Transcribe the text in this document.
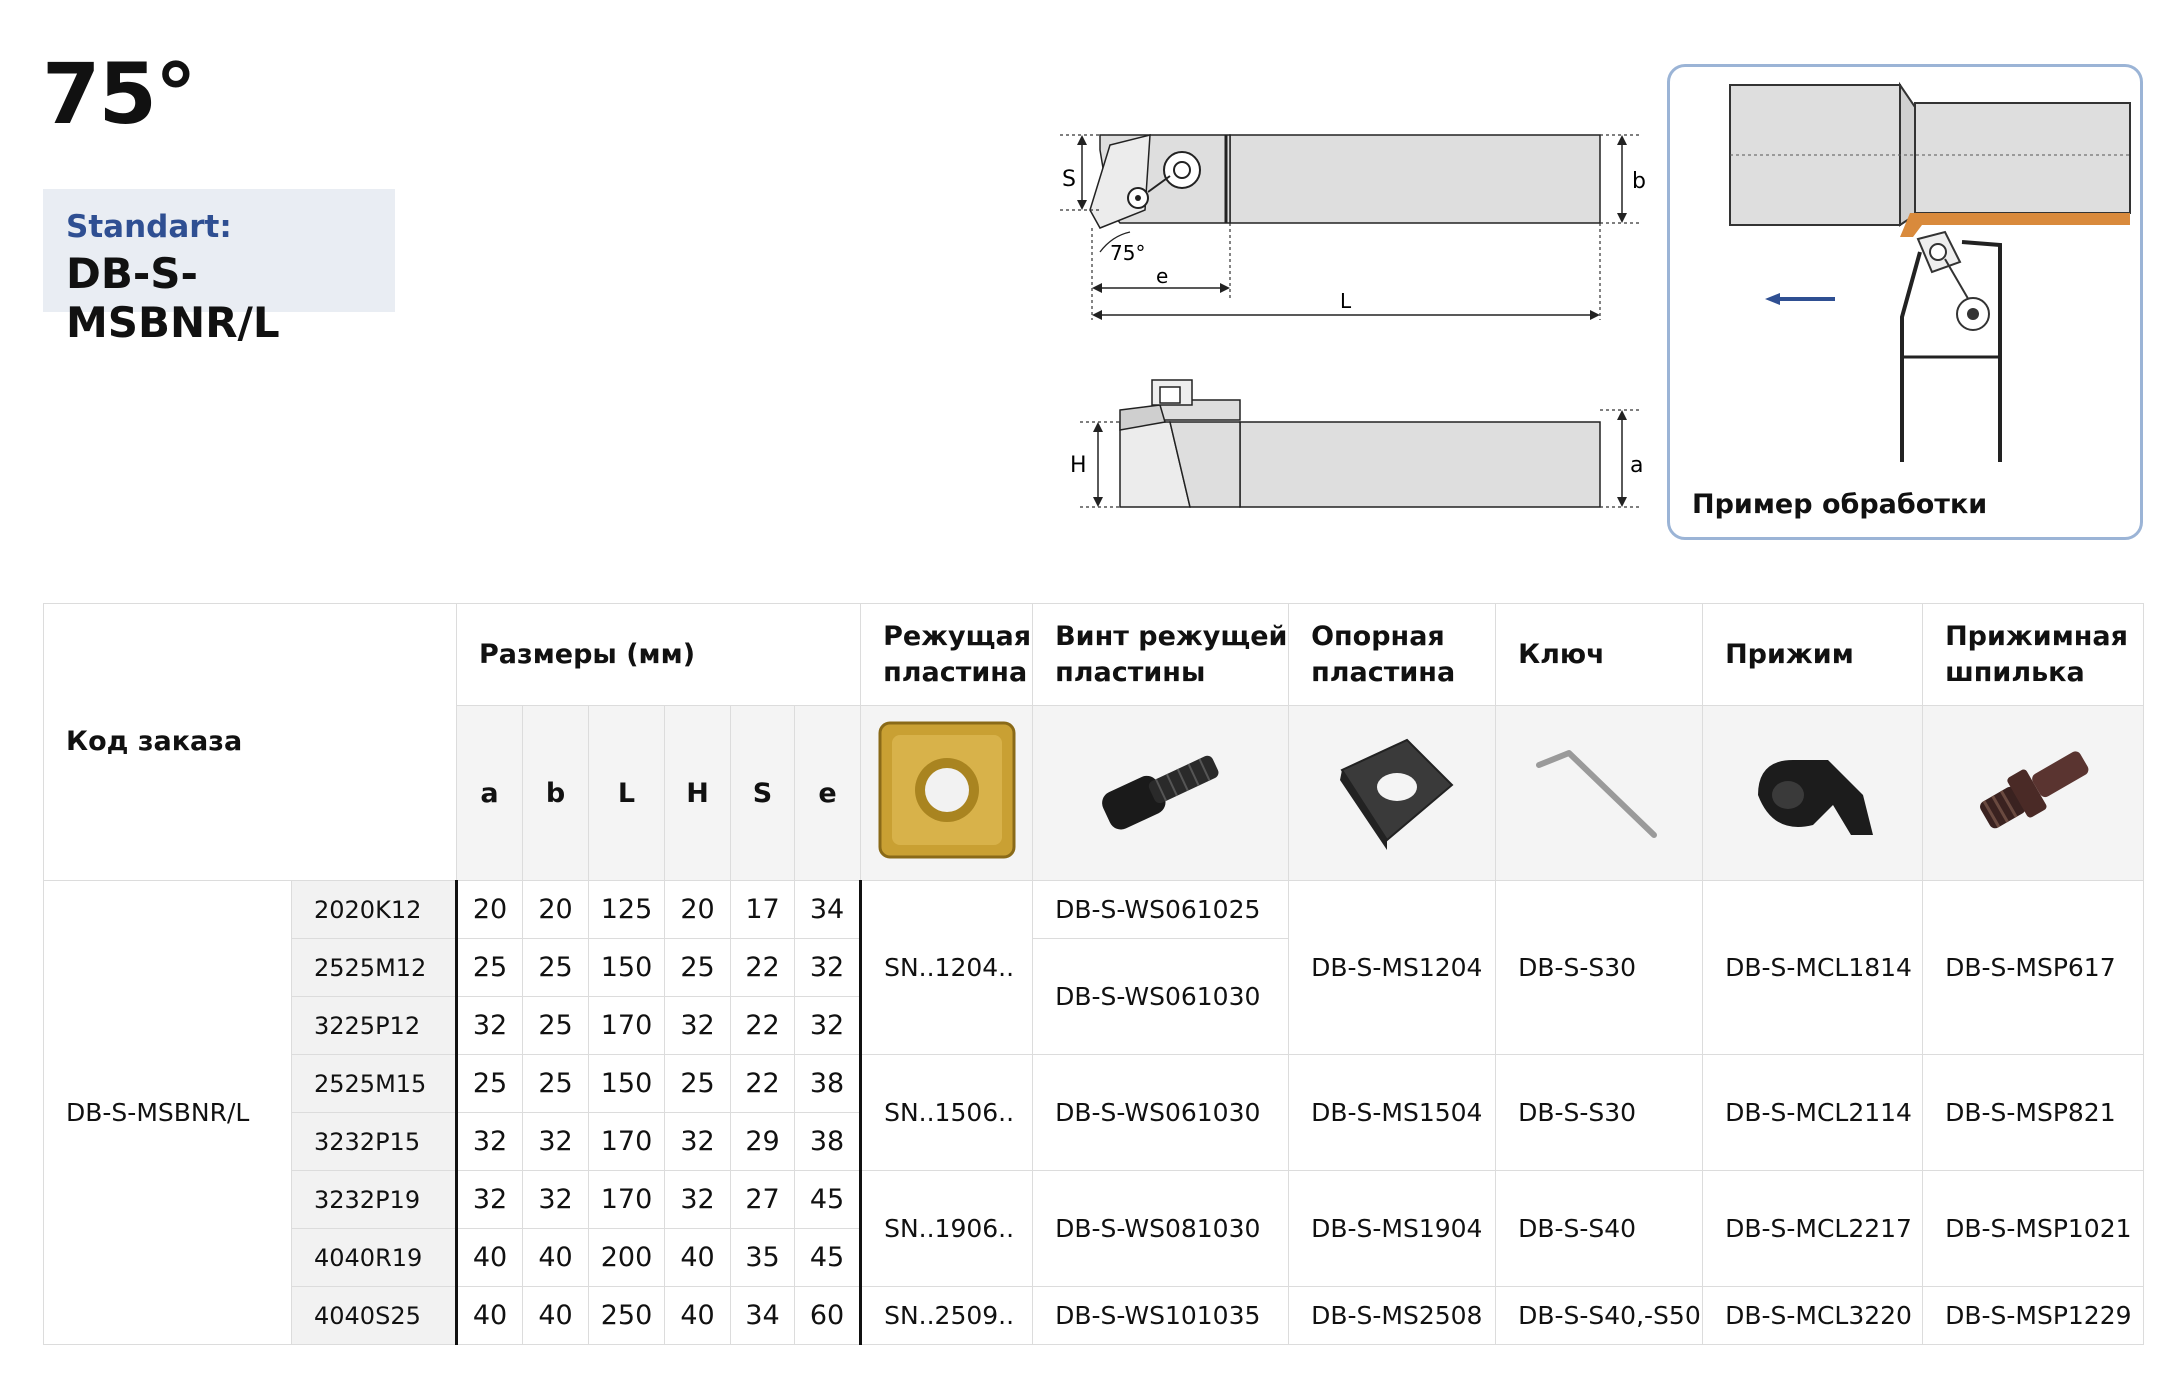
75°
Standart:
DB-S-MSBNR/L
S	b
75°
e
L
H	a
Пример обработки
Код заказа		Размеры (мм)						Режущая пластина	Винт режущей пластины	Опорная пластина	Ключ	Прижим	Прижимная шпилька

		a	b	L	H	S	e						
DB-S-MSBNR/L	2020K12	20	20	125	20	17	34	SN..1204..	DB-S-WS061025	DB-S-MS1204	DB-S-S30	DB-S-MCL1814	DB-S-MSP617
	2525M12	25	25	150	25	22	32		DB-S-WS061030				
	3225P12	32	25	170	32	22	32						
	2525M15	25	25	150	25	22	38	SN..1506..	DB-S-WS061030	DB-S-MS1504	DB-S-S30	DB-S-MCL2114	DB-S-MSP821
	3232P15	32	32	170	32	29	38						
	3232P19	32	32	170	32	27	45	SN..1906..	DB-S-WS081030	DB-S-MS1904	DB-S-S40	DB-S-MCL2217	DB-S-MSP1021
	4040R19	40	40	200	40	35	45						
	4040S25	40	40	250	40	34	60	SN..2509..	DB-S-WS101035	DB-S-MS2508	DB-S-S40,-S50	DB-S-MCL3220	DB-S-MSP1229
